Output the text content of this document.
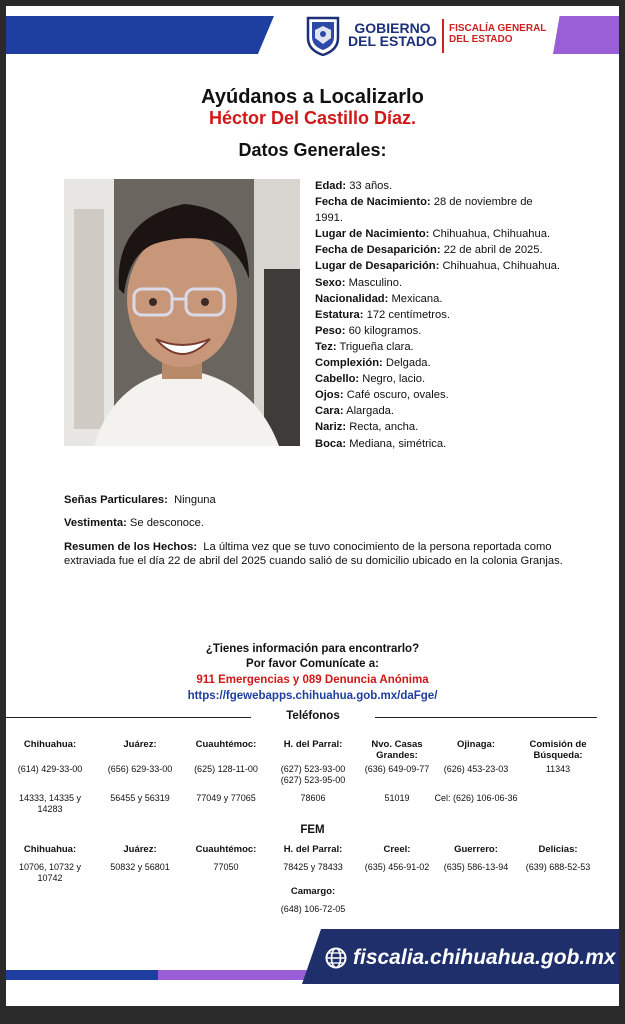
GOBIERNO
DEL ESTADO
FISCALÍA GENERAL
DEL ESTADO
Ayúdanos a Localizarlo
Héctor Del Castillo Díaz.
Datos Generales:
Edad: 33 años.
Fecha de Nacimiento: 28 de noviembre de 1991.
Lugar de Nacimiento: Chihuahua, Chihuahua.
Fecha de Desaparición: 22 de abril de 2025.
Lugar de Desaparición: Chihuahua, Chihuahua.
Sexo: Masculino.
Nacionalidad: Mexicana.
Estatura: 172 centímetros.
Peso: 60 kilogramos.
Tez: Trigueña clara.
Complexión: Delgada.
Cabello: Negro, lacio.
Ojos: Café oscuro, ovales.
Cara: Alargada.
Nariz: Recta, ancha.
Boca: Mediana, simétrica.
Señas Particulares: Ninguna
Vestimenta: Se desconoce.
Resumen de los Hechos: La última vez que se tuvo conocimiento de la persona reportada como extraviada fue el día 22 de abril del 2025 cuando salió de su domicilio ubicado en la colonia Granjas.
¿Tienes información para encontrarlo?
Por favor Comunícate a:
911 Emergencias y 089 Denuncia Anónima
https://fgewebapps.chihuahua.gob.mx/daFge/
Teléfonos
Chihuahua:
(614) 429-33-00
14333, 14335 y 14283
Juárez:
(656) 629-33-00
56455 y 56319
Cuauhtémoc:
(625) 128-11-00
77049 y 77065
H. del Parral:
(627) 523-93-00 (627) 523-95-00
78606
Nvo. Casas Grandes:
(636) 649-09-77
51019
Ojinaga:
(626) 453-23-03
Cel: (626) 106-06-36
Comisión de Búsqueda:
11343
FEM
Chihuahua:
10706, 10732 y 10742
Juárez:
50832 y 56801
Cuauhtémoc:
77050
H. del Parral:
78425 y 78433
Creel:
(635) 456-91-02
Guerrero:
(635) 586-13-94
Delicias:
(639) 688-52-53
Camargo:
(648) 106-72-05
fiscalia.chihuahua.gob.mx
